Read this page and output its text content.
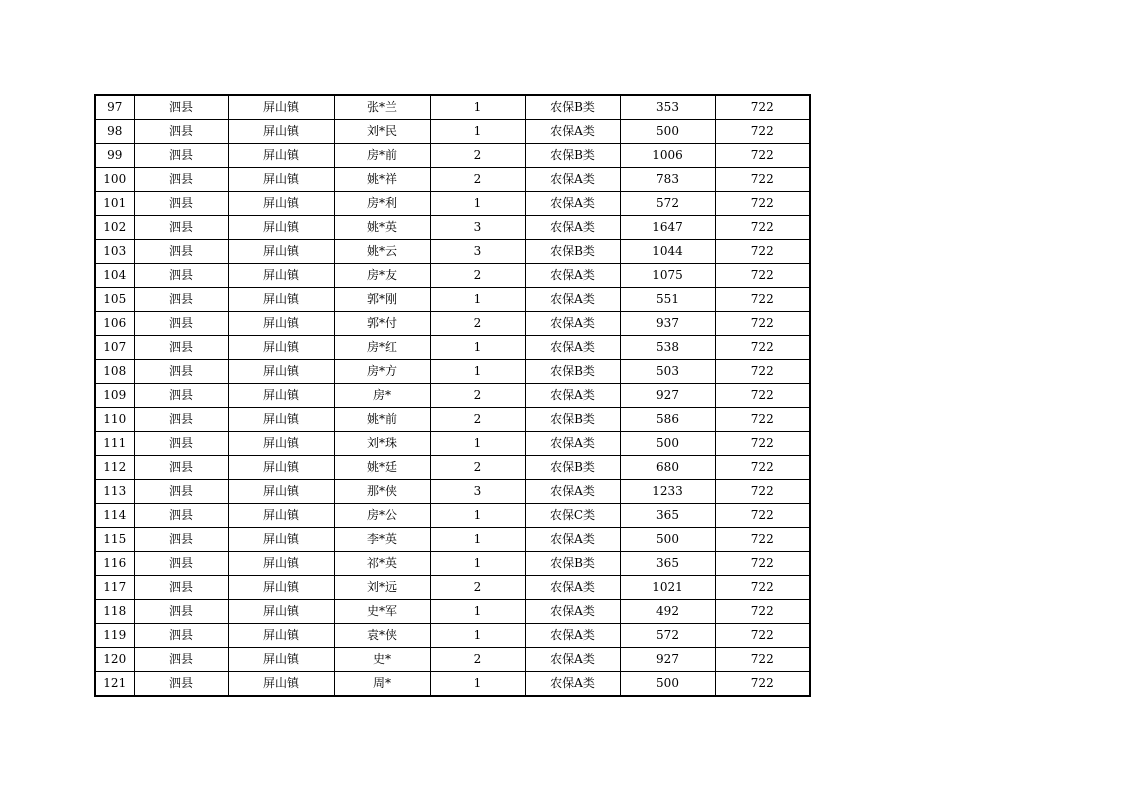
97	泗县	屏山镇	张*兰	1	农保B类	353	722
98	泗县	屏山镇	刘*民	1	农保A类	500	722
99	泗县	屏山镇	房*前	2	农保B类	1006	722
100	泗县	屏山镇	姚*祥	2	农保A类	783	722
101	泗县	屏山镇	房*利	1	农保A类	572	722
102	泗县	屏山镇	姚*英	3	农保A类	1647	722
103	泗县	屏山镇	姚*云	3	农保B类	1044	722
104	泗县	屏山镇	房*友	2	农保A类	1075	722
105	泗县	屏山镇	郭*刚	1	农保A类	551	722
106	泗县	屏山镇	郭*付	2	农保A类	937	722
107	泗县	屏山镇	房*红	1	农保A类	538	722
108	泗县	屏山镇	房*方	1	农保B类	503	722
109	泗县	屏山镇	房*	2	农保A类	927	722
110	泗县	屏山镇	姚*前	2	农保B类	586	722
111	泗县	屏山镇	刘*珠	1	农保A类	500	722
112	泗县	屏山镇	姚*廷	2	农保B类	680	722
113	泗县	屏山镇	那*侠	3	农保A类	1233	722
114	泗县	屏山镇	房*公	1	农保C类	365	722
115	泗县	屏山镇	李*英	1	农保A类	500	722
116	泗县	屏山镇	祁*英	1	农保B类	365	722
117	泗县	屏山镇	刘*远	2	农保A类	1021	722
118	泗县	屏山镇	史*军	1	农保A类	492	722
119	泗县	屏山镇	袁*侠	1	农保A类	572	722
120	泗县	屏山镇	史*	2	农保A类	927	722
121	泗县	屏山镇	周*	1	农保A类	500	722
